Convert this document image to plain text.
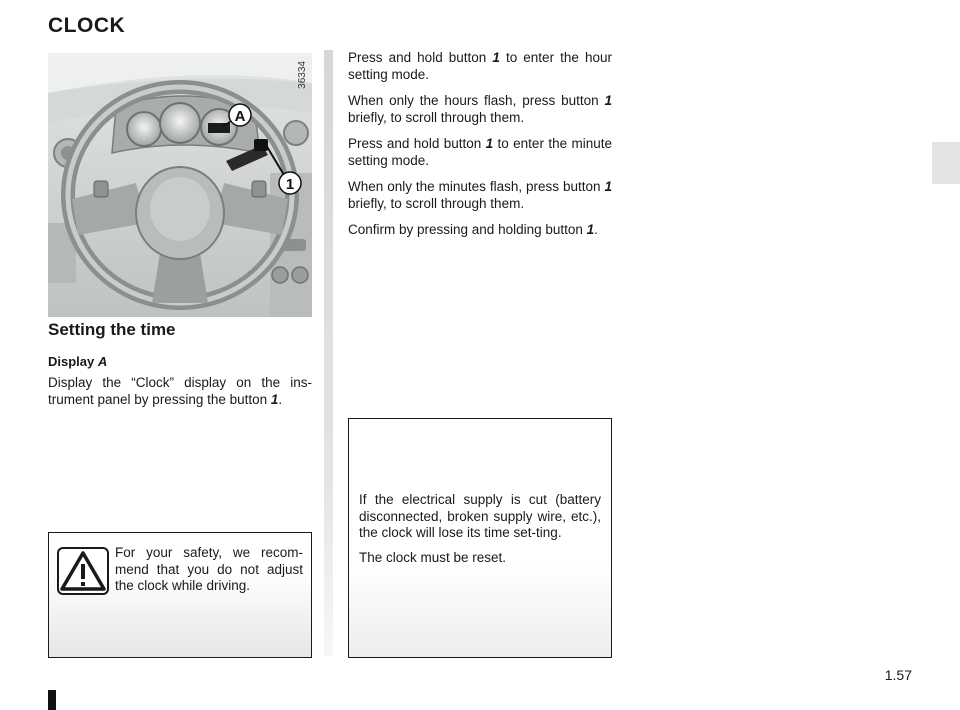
CLOCK
A
1
36334
Setting the time

Display A

Display the “Clock” display on the ins-trument panel by pressing the button 1.

Press and hold button 1 to enter the hour setting mode.

When only the hours flash, press button 1 briefly, to scroll through them.

Press and hold button 1 to enter the minute setting mode.

When only the minutes flash, press button 1 briefly, to scroll through them.

Confirm by pressing and holding button 1.

If the electrical supply is cut (battery disconnected, broken supply wire, etc.), the clock will lose its time set-ting.

The clock must be reset.

For your safety, we recom-mend that you do not adjust the clock while driving.

1.57
